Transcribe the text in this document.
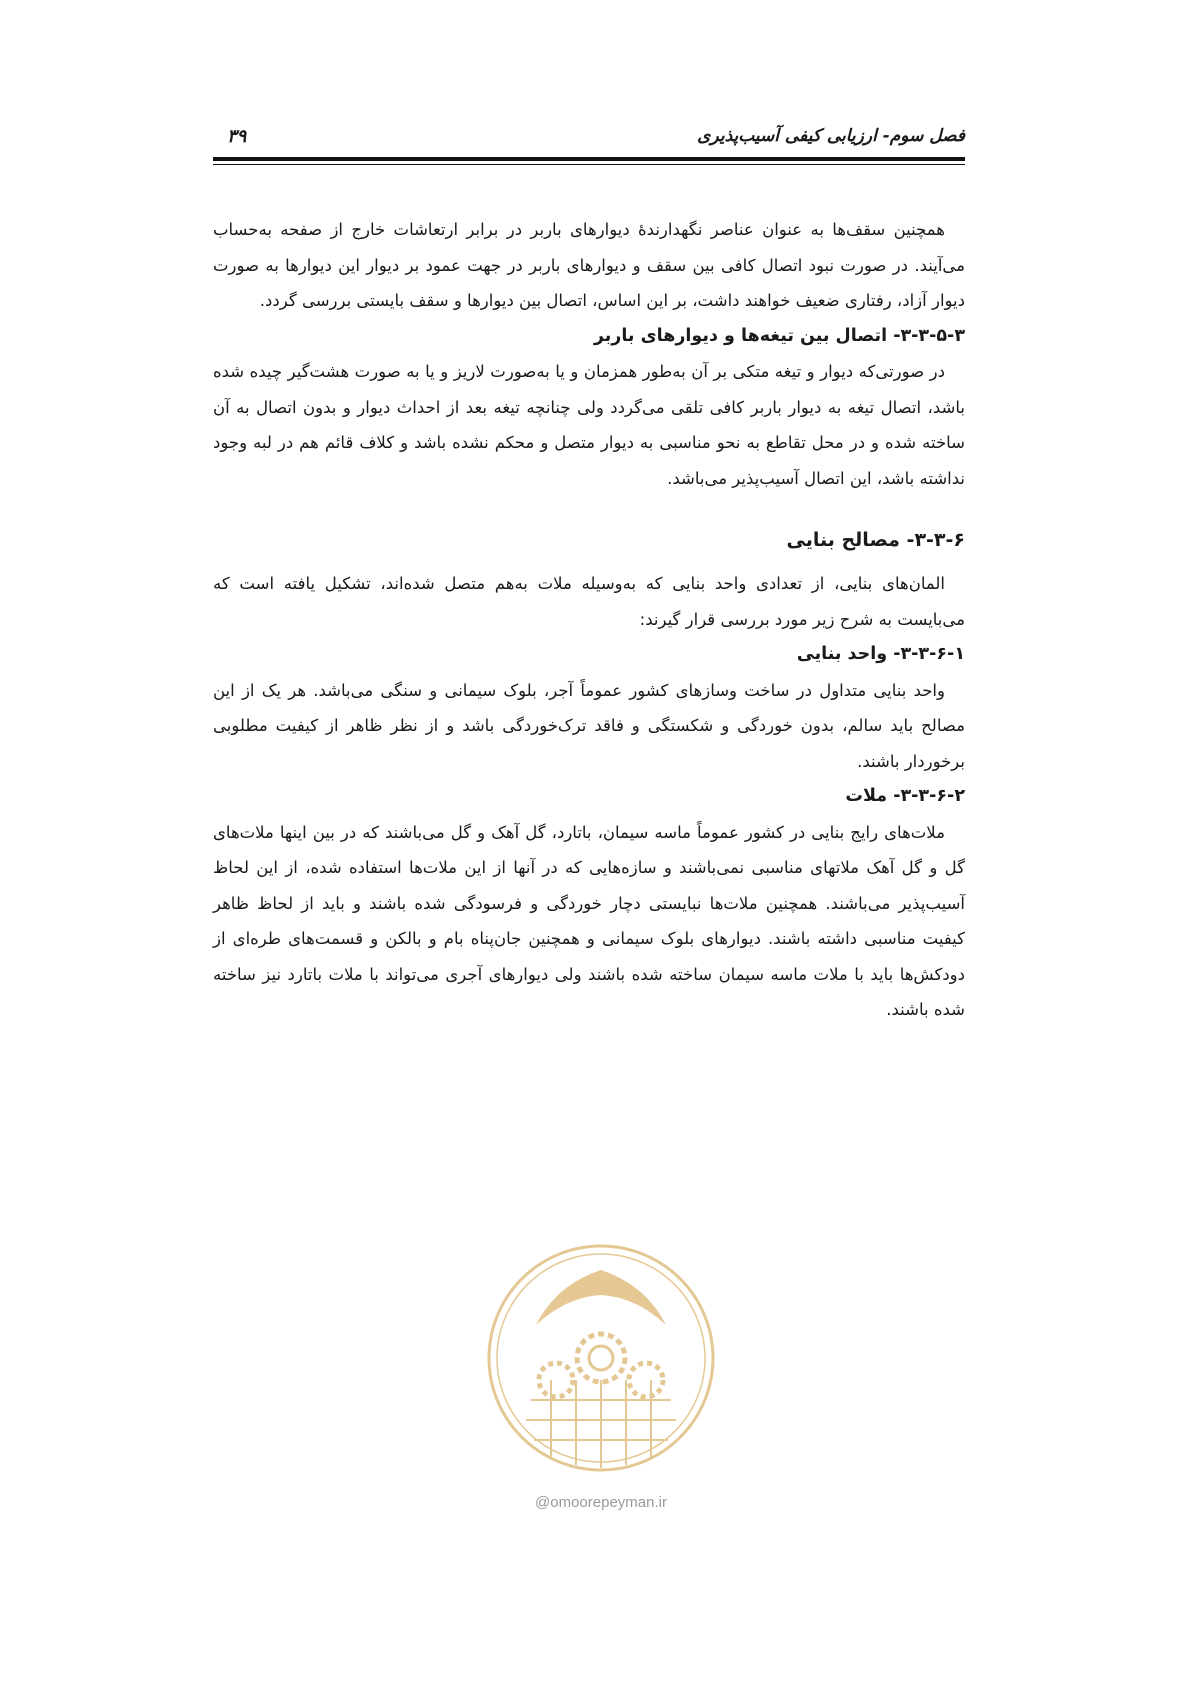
فصل سوم- ارزیابی کیفی آسیب‌پذیری
۳۹

همچنین سقف‌ها به عنوان عناصر نگهدارندهٔ دیوارهای باربر در برابر ارتعاشات خارج از صفحه به‌حساب می‌آیند. در صورت نبود اتصال کافی بین سقف و دیوارهای باربر در جهت عمود بر دیوار این دیوارها به صورت دیوار آزاد، رفتاری ضعیف خواهند داشت، بر این اساس، اتصال بین دیوارها و سقف بایستی بررسی گردد.

۳-۳-۵-۳- اتصال بین تیغه‌ها و دیوارهای باربر

در صورتی‌که دیوار و تیغه متکی بر آن به‌طور همزمان و یا به‌صورت لاریز و یا به صورت هشت‌گیر چیده شده باشد، اتصال تیغه به دیوار باربر کافی تلقی می‌گردد ولی چنانچه تیغه بعد از احداث دیوار و بدون اتصال به آن ساخته شده و در محل تقاطع به نحو مناسبی به دیوار متصل و محکم نشده باشد و کلاف قائم هم در لبه وجود نداشته باشد، این اتصال آسیب‌پذیر می‌باشد.

۳-۳-۶- مصالح بنایی

المان‌های بنایی، از تعدادی واحد بنایی که به‌وسیله ملات به‌هم متصل شده‌اند، تشکیل یافته است که می‌بایست به شرح زیر مورد بررسی قرار گیرند:

۳-۳-۶-۱- واحد بنایی

واحد بنایی متداول در ساخت وسازهای کشور عموماً آجر، بلوک سیمانی و سنگی می‌باشد. هر یک از این مصالح باید سالم، بدون خوردگی و شکستگی و فاقد ترک‌خوردگی باشد و از نظر ظاهر از کیفیت مطلوبی برخوردار باشند.

۳-۳-۶-۲- ملات

ملات‌های رایج بنایی در کشور عموماً ماسه سیمان، باتارد، گل آهک و گل می‌باشند که در بین اینها ملات‌های گل و گل آهک ملاتهای مناسبی نمی‌باشند و سازه‌هایی که در آنها از این ملات‌ها استفاده شده، از این لحاظ آسیب‌پذیر می‌باشند. همچنین ملات‌ها نبایستی دچار خوردگی و فرسودگی شده باشند و باید از لحاظ ظاهر کیفیت مناسبی داشته باشند. دیوارهای بلوک سیمانی و همچنین جان‌پناه بام و بالکن و قسمت‌های طره‌ای از دودکش‌ها باید با ملات ماسه سیمان ساخته شده باشند ولی دیوارهای آجری می‌تواند با ملات باتارد نیز ساخته شده باشند.

@omoorepeyman.ir
